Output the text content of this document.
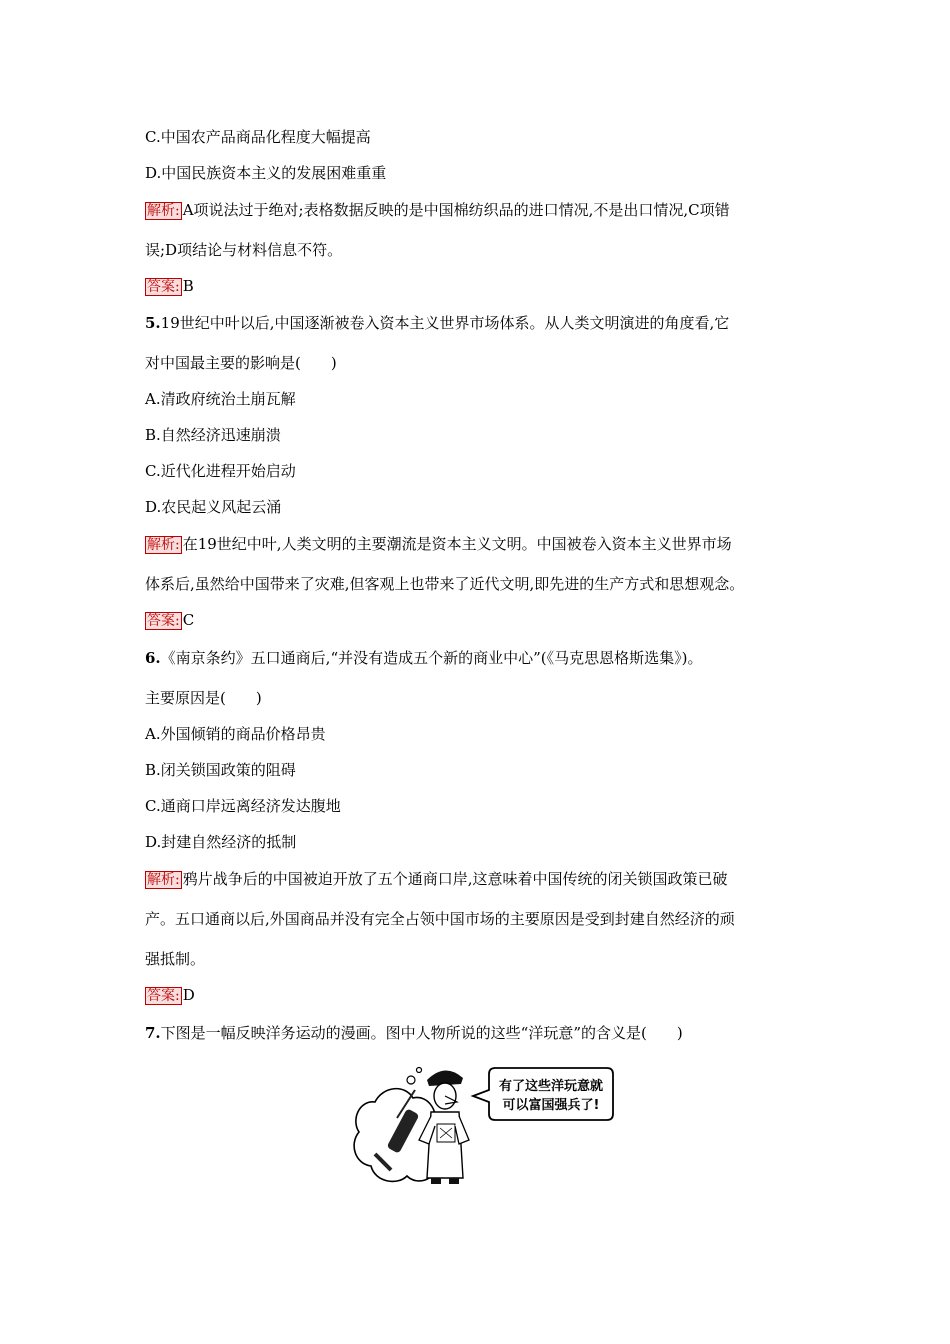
C.中国农产品商品化程度大幅提高
D.中国民族资本主义的发展困难重重
解析: A项说法过于绝对;表格数据反映的是中国棉纺织品的进口情况,不是出口情况,C项错
误;D项结论与材料信息不符。
答案: B
5.19世纪中叶以后,中国逐渐被卷入资本主义世界市场体系。从人类文明演进的角度看,它
对中国最主要的影响是(　　)
A.清政府统治土崩瓦解
B.自然经济迅速崩溃
C.近代化进程开始启动
D.农民起义风起云涌
解析: 在19世纪中叶,人类文明的主要潮流是资本主义文明。中国被卷入资本主义世界市场
体系后,虽然给中国带来了灾难,但客观上也带来了近代文明,即先进的生产方式和思想观念。
答案: C
6.《南京条约》五口通商后,“并没有造成五个新的商业中心”(《马克思恩格斯选集》)。
主要原因是(　　)
A.外国倾销的商品价格昂贵
B.闭关锁国政策的阻碍
C.通商口岸远离经济发达腹地
D.封建自然经济的抵制
解析: 鸦片战争后的中国被迫开放了五个通商口岸,这意味着中国传统的闭关锁国政策已破
产。五口通商以后,外国商品并没有完全占领中国市场的主要原因是受到封建自然经济的顽
强抵制。
答案: D
7.下图是一幅反映洋务运动的漫画。图中人物所说的这些“洋玩意”的含义是(　　)
有了这些洋玩意就
可以富国强兵了!
